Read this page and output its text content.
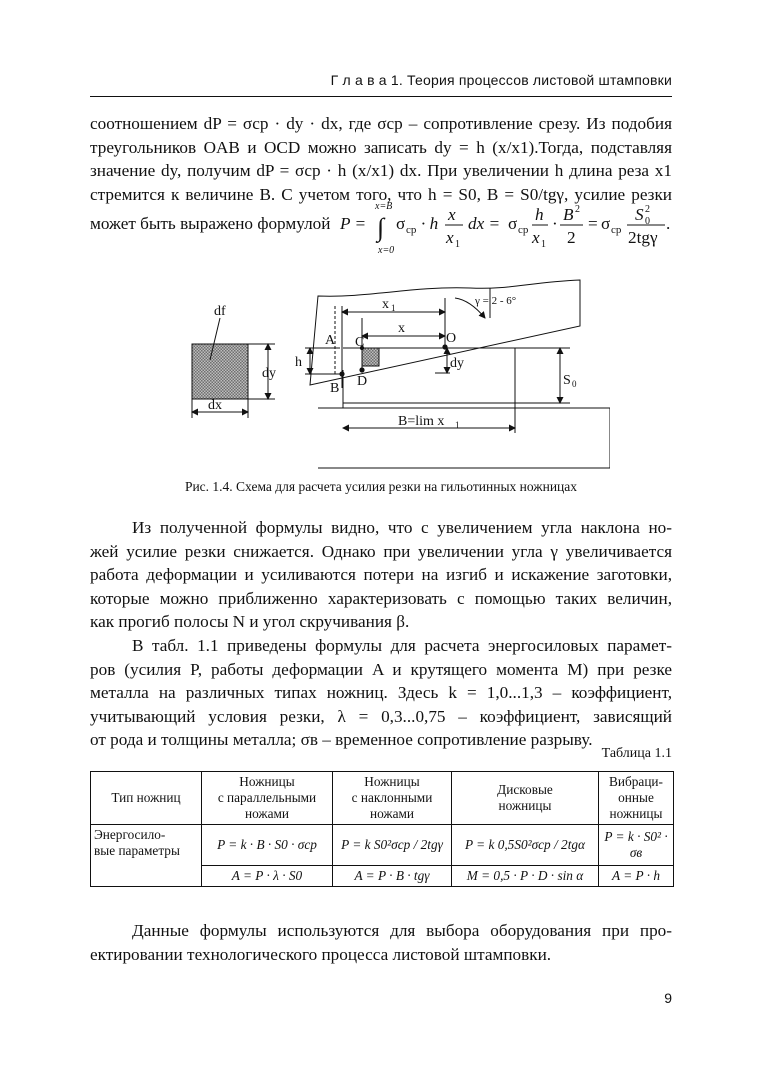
Г л а в а 1. Теория процессов листовой штамповки
соотношением dP = σср · dy · dx, где σср – сопротивление срезу. Из подобия
треугольников OAB и OCD можно записать dy = h (x/x1).Тогда, подставляя
значение dy, получим dP = σср · h (x/x1) dx. При увеличении h длина реза x1
стремится к величине B. С учетом того, что h = S0, B = S0/tgγ, усилие резки
может быть выражено формулой P =
x=B
∫
x=0
σ ср · h x
x 1
dx = σ ср
h
x 1
· B 2
2
= σ ср
S 2
0
2tgγ
.
df
dy
dx
x 1
x
γ = 2 - 6°
A C	O
h	dy
B D	S 0
B=lim x 1
Рис. 1.4. Схема для расчета усилия резки на гильотинных ножницах
Из полученной формулы видно, что с увеличением угла наклона но-
жей усилие резки снижается. Однако при увеличении угла γ увеличивается
работа деформации и усиливаются потери на изгиб и искажение заготовки,
которые можно приближенно характеризовать с помощью таких величин,
как прогиб полосы N и угол скручивания β.
В табл. 1.1 приведены формулы для расчета энергосиловых парамет-
ров (усилия P, работы деформации A и крутящего момента M) при резке
металла на различных типах ножниц. Здесь k = 1,0...1,3 – коэффициент,
учитывающий условия резки, λ = 0,3...0,75 – коэффициент, зависящий
от рода и толщины металла; σв – временное сопротивление разрыву.
Таблица 1.1
Тип ножниц	Ножницы
с параллельными
ножами	Ножницы
с наклонными
ножами	Дисковые
ножницы	Вибраци-
онные
ножницы
Энергосило-
вые параметры	P = k · B · S0 · σср	P = k S0²σср / 2tgγ	P = k 0,5S0²σср / 2tgα	P = k · S0² · σв
	A = P · λ · S0	A = P · B · tgγ	M = 0,5 · P · D · sin α	A = P · h
Данные формулы используются для выбора оборудования при про-
ектировании технологического процесса листовой штамповки.
9
